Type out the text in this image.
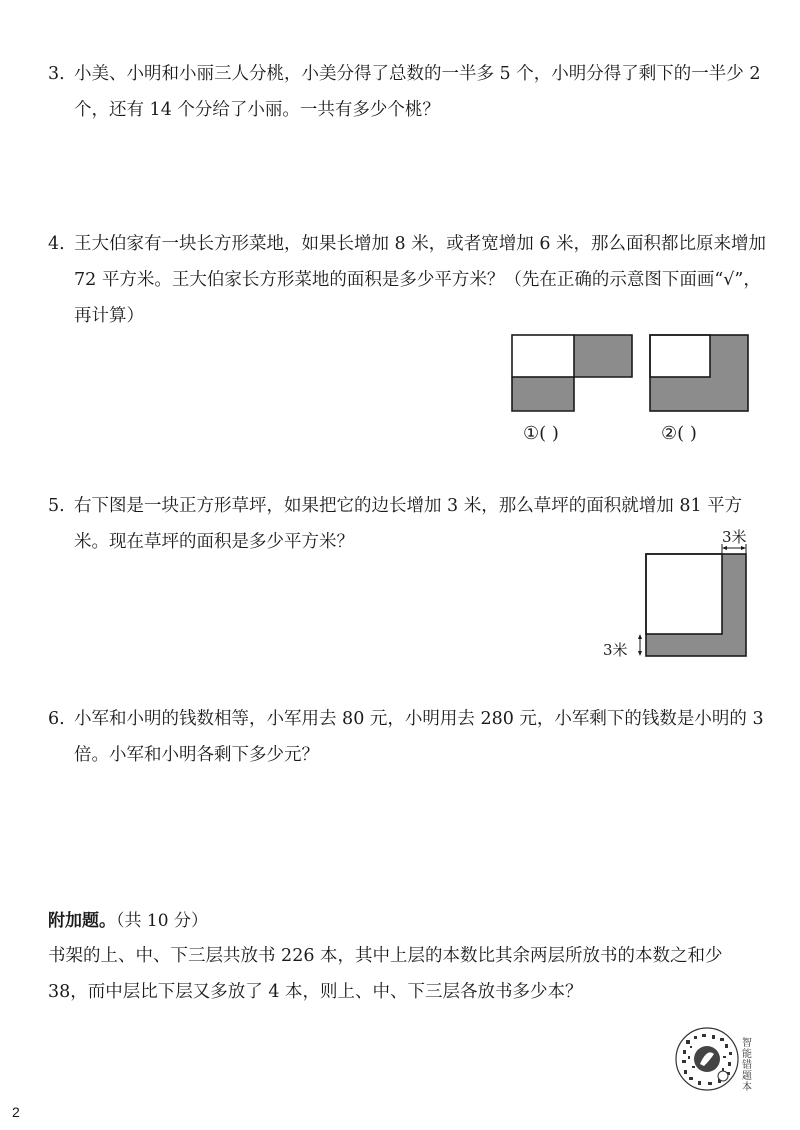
3. 小美、小明和小丽三人分桃，小美分得了总数的一半多 5 个，小明分得了剩下的一半少 2 个，还有 14 个分给了小丽。一共有多少个桃？
4. 王大伯家有一块长方形菜地，如果长增加 8 米，或者宽增加 6 米，那么面积都比原来增加 72 平方米。王大伯家长方形菜地的面积是多少平方米？（先在正确的示意图下面画“√”，再计算）
①( )	②( )
5. 右下图是一块正方形草坪，如果把它的边长增加 3 米，那么草坪的面积就增加 81 平方米。现在草坪的面积是多少平方米？	3米
3米
6. 小军和小明的钱数相等，小军用去 80 元，小明用去 280 元，小军剩下的钱数是小明的 3 倍。小军和小明各剩下多少元？
附加题。（共 10 分）
书架的上、中、下三层共放书 226 本，其中上层的本数比其余两层所放书的本数之和少 38，而中层比下层又多放了 4 本，则上、中、下三层各放书多少本？
智能错题本
2
